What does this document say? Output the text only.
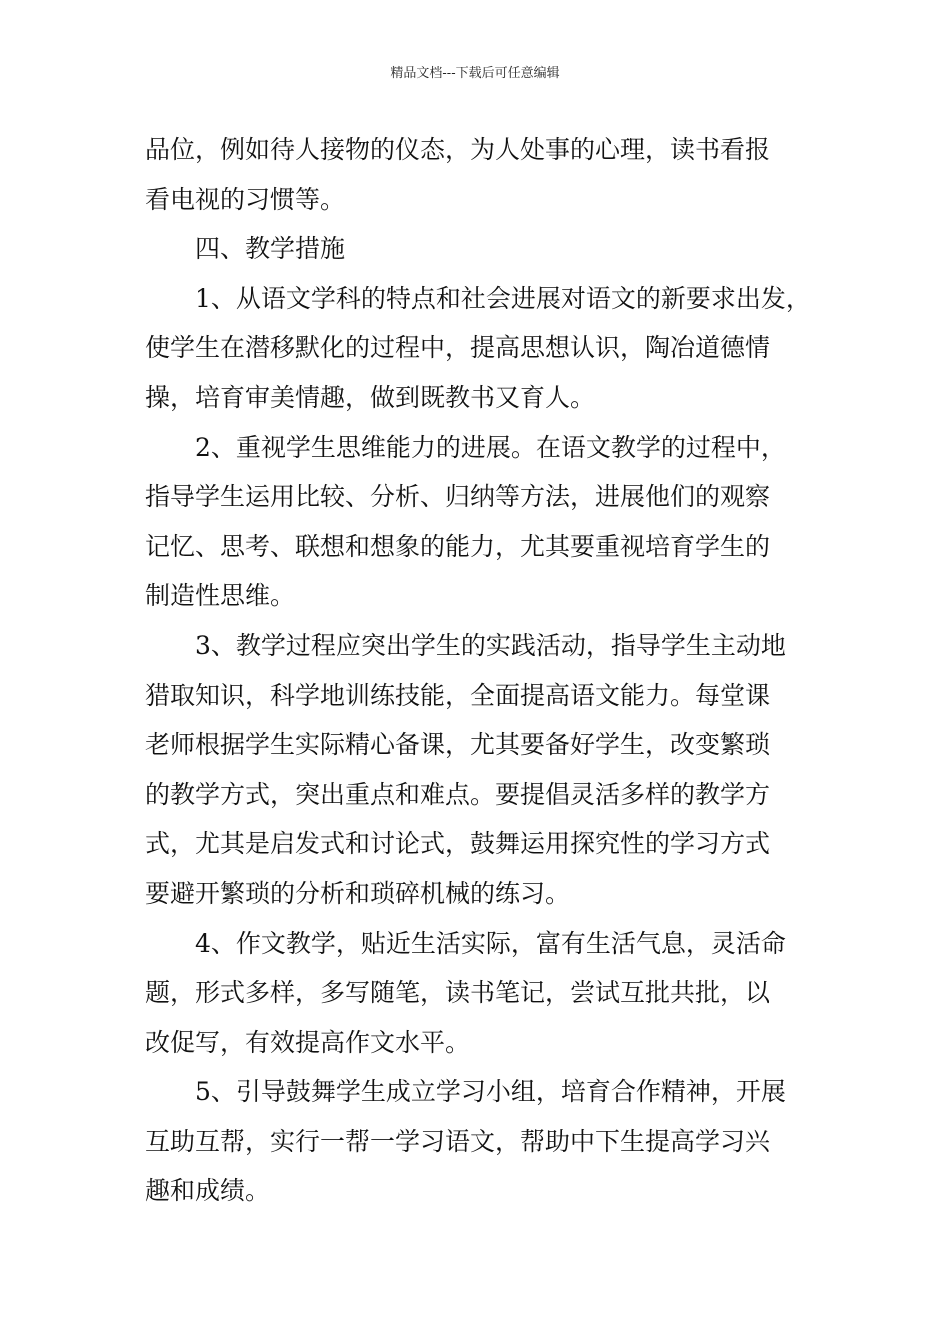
精品文档---下载后可任意编辑
品位，例如待人接物的仪态，为人处事的心理，读书看报
看电视的习惯等。
四、教学措施
1、从语文学科的特点和社会进展对语文的新要求出发，
使学生在潜移默化的过程中，提高思想认识，陶冶道德情
操，培育审美情趣，做到既教书又育人。
2、重视学生思维能力的进展。在语文教学的过程中，
指导学生运用比较、分析、归纳等方法，进展他们的观察
记忆、思考、联想和想象的能力，尤其要重视培育学生的
制造性思维。
3、教学过程应突出学生的实践活动，指导学生主动地
猎取知识，科学地训练技能，全面提高语文能力。每堂课
老师根据学生实际精心备课，尤其要备好学生，改变繁琐
的教学方式，突出重点和难点。要提倡灵活多样的教学方
式，尤其是启发式和讨论式，鼓舞运用探究性的学习方式
要避开繁琐的分析和琐碎机械的练习。
4、作文教学，贴近生活实际，富有生活气息，灵活命
题，形式多样，多写随笔，读书笔记，尝试互批共批，以
改促写，有效提高作文水平。
5、引导鼓舞学生成立学习小组，培育合作精神，开展
互助互帮，实行一帮一学习语文，帮助中下生提高学习兴
趣和成绩。
